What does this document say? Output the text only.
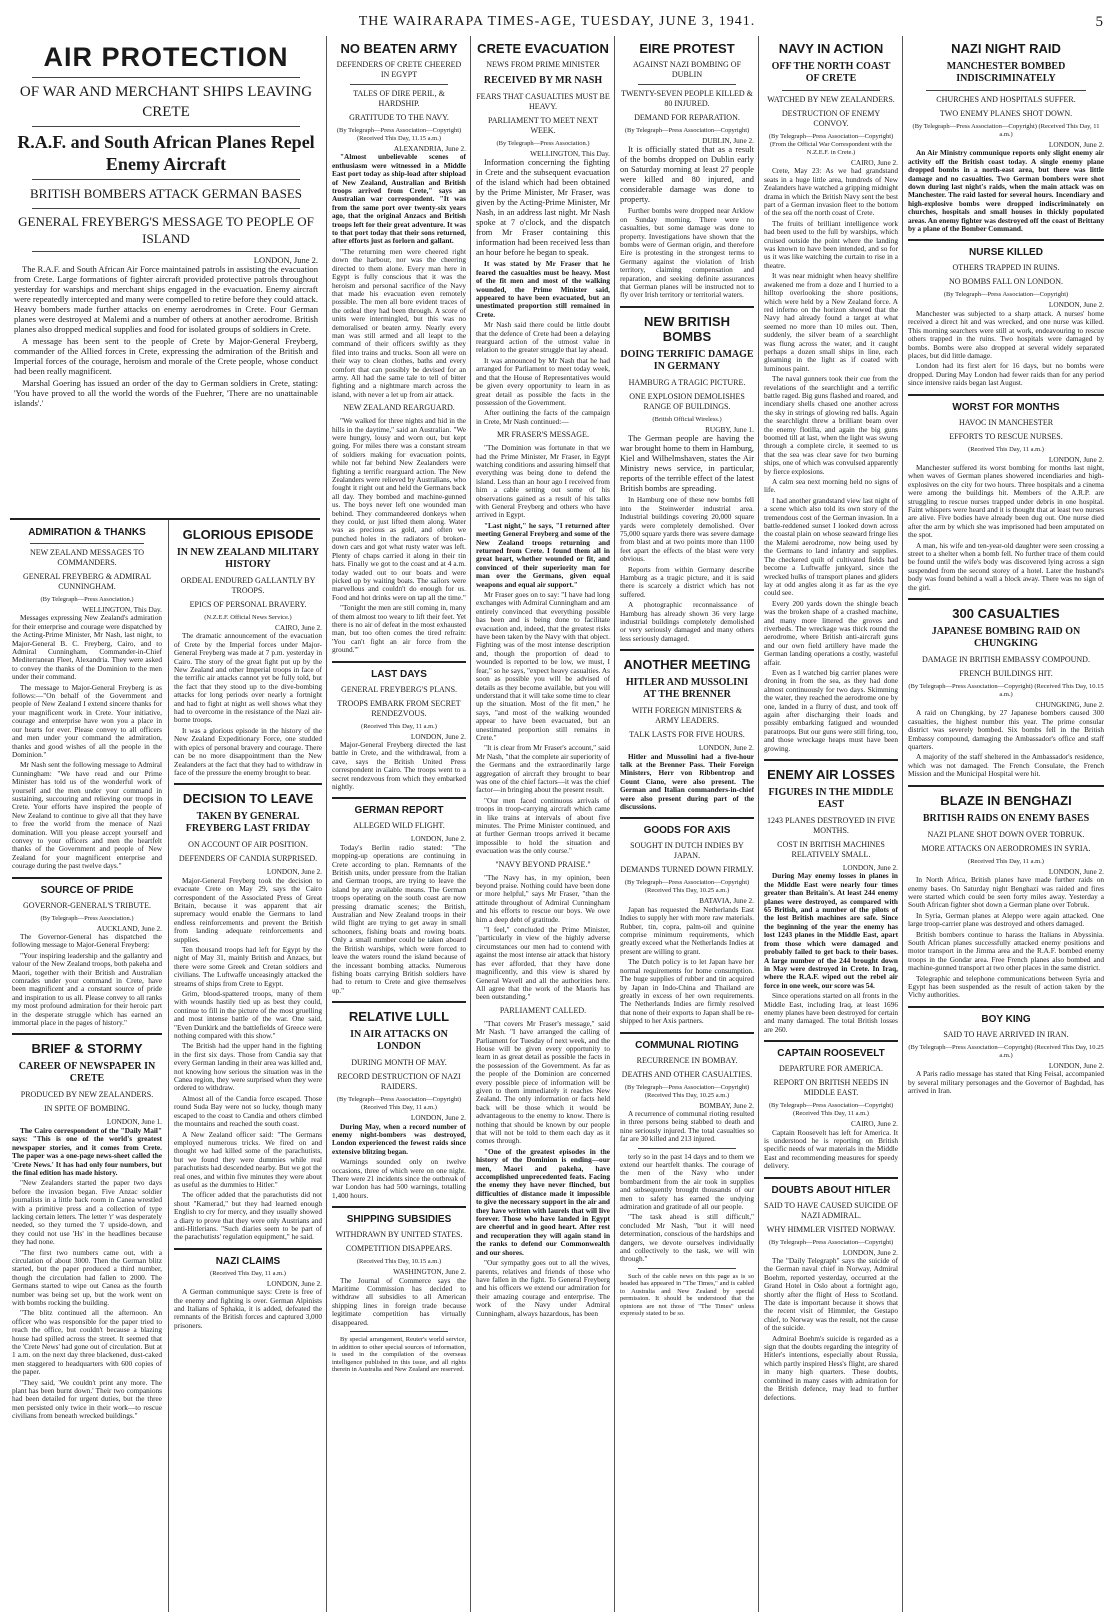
THE WAIRARAPA TIMES-AGE, TUESDAY, JUNE 3, 1941.	5
AIR PROTECTION
OF WAR AND MERCHANT SHIPS LEAVING CRETE
R.A.F. and South African Planes Repel Enemy Aircraft
BRITISH BOMBERS ATTACK GERMAN BASES
GENERAL FREYBERG'S MESSAGE TO PEOPLE OF ISLAND
LONDON, June 2.

The R.A.F. and South African Air Force maintained patrols in assisting the evacuation from Crete. Large formations of fighter aircraft provided protective patrols throughout yesterday for warships and merchant ships engaged in the evacuation. Enemy aircraft were repeatedly intercepted and many were compelled to retire before they could attack. Heavy bombers made further attacks on enemy aerodromes in Crete. Four German planes were destroyed at Malemi and a number of others at another aerodrome. British planes also dropped medical supplies and food for isolated groups of soldiers in Crete.

A message has been sent to the people of Crete by Major-General Freyberg, commander of the Allied forces in Crete, expressing the admiration of the British and Imperial forces of the courage, heroism and morale of the Crete people, whose conduct had been really magnificent.

Marshal Goering has issued an order of the day to German soldiers in Crete, stating: 'You have proved to all the world the words of the Fuehrer, 'There are no unattainable islands'.'

ADMIRATION & THANKS
NEW ZEALAND MESSAGES TO COMMANDERS.
GENERAL FREYBERG & ADMIRAL CUNNINGHAM.
(By Telegraph—Press Association.)
WELLINGTON, This Day.

Messages expressing New Zealand's admiration for their enterprise and courage were dispatched by the Acting-Prime Minister, Mr Nash, last night, to Major-General B. C. Freyberg, Cairo, and to Admiral Cunningham, Commander-in-Chief Mediterranean Fleet, Alexandria. They were asked to convey the thanks of the Dominion to the men under their command.

The message to Major-General Freyberg is as follows:—"On behalf of the Government and people of New Zealand I extend sincere thanks for your magnificent work in Crete. Your initiative, courage and enterprise have won you a place in our hearts for ever. Please convey to all officers and men under your command the admiration, thanks and good wishes of all the people in the Dominion."

Mr Nash sent the following message to Admiral Cunningham: "We have read and our Prime Minister has told us of the wonderful work of yourself and the men under your command in sustaining, succouring and relieving our troops in Crete. Your efforts have inspired the people of New Zealand to continue to give all that they have to free the world from the menace of Nazi domination. Will you please accept yourself and convey to your officers and men the heartfelt thanks of the Government and people of New Zealand for your magnificent enterprise and courage during the past twelve days."

SOURCE OF PRIDE
GOVERNOR-GENERAL'S TRIBUTE.
(By Telegraph—Press Association.)
AUCKLAND, June 2.

The Governor-General has dispatched the following message to Major-General Freyberg:

"Your inspiring leadership and the gallantry and valour of the New Zealand troops, both pakeha and Maori, together with their British and Australian comrades under your command in Crete, have been magnificent and a constant source of pride and inspiration to us all. Please convey to all ranks my most profound admiration for their heroic part in the desperate struggle which has earned an immortal place in the pages of history."

BRIEF & STORMY
CAREER OF NEWSPAPER IN CRETE
PRODUCED BY NEW ZEALANDERS.
IN SPITE OF BOMBING.
LONDON, June 1.

The Cairo correspondent of the "Daily Mail" says: "This is one of the world's greatest newspaper stories, and it comes from Crete. The paper was a one-page news-sheet called the 'Crete News.' It has had only four numbers, but the final edition has made history.

"New Zealanders started the paper two days before the invasion began. Five Anzac soldier journalists in a little back room in Canea wrestled with a primitive press and a collection of type lacking certain letters. The letter 'r' was desperately needed, so they turned the 'i' upside-down, and they could not use 'Hs' in the headlines because they had none.

"The first two numbers came out, with a circulation of about 3000. Then the German blitz started, but the paper produced a third number, though the circulation had fallen to 2000. The Germans started to wipe out Canea as the fourth number was being set up, but the work went on with bombs rocking the building.

"The blitz continued all the afternoon. An officer who was responsible for the paper tried to reach the office, but couldn't because a blazing house had spilled across the street. It seemed that the 'Crete News' had gone out of circulation. But at 1 a.m. on the next day three blackened, dust-caked men staggered to headquarters with 600 copies of the paper.

"They said, 'We couldn't print any more. The plant has been burnt down.' Their two companions had been detailed for urgent duties, but the three men persisted only twice in their work—to rescue civilians from beneath wrecked buildings."

GLORIOUS EPISODE
IN NEW ZEALAND MILITARY HISTORY
ORDEAL ENDURED GALLANTLY BY TROOPS.
EPICS OF PERSONAL BRAVERY.
(N.Z.E.F. Official News Service.)
CAIRO, June 2.

The dramatic announcement of the evacuation of Crete by the Imperial forces under Major-General Freyberg was made at 7 p.m. yesterday in Cairo. The story of the great fight put up by the New Zealand and other Imperial troops in face of the terrific air attacks cannot yet be fully told, but the fact that they stood up to the dive-bombing attacks for long periods over nearly a fortnight and had to fight at night as well shows what they had to overcome in the resistance of the Nazi air-borne troops.

It was a glorious episode in the history of the New Zealand Expeditionary Force, one studded with epics of personal bravery and courage. There can be no more disappointment than the New Zealanders at the fact that they had to withdraw in face of the pressure the enemy brought to bear.

DECISION TO LEAVE
TAKEN BY GENERAL FREYBERG LAST FRIDAY
ON ACCOUNT OF AIR POSITION.
DEFENDERS OF CANDIA SURPRISED.
LONDON, June 2.

Major-General Freyberg took the decision to evacuate Crete on May 29, says the Cairo correspondent of the Associated Press of Great Britain, because it was apparent that air supremacy would enable the Germans to land endless reinforcements and prevent the British from landing adequate reinforcements and supplies.

Ten thousand troops had left for Egypt by the night of May 31, mainly British and Anzacs, but there were some Greek and Cretan soldiers and civilians. The Luftwaffe unceasingly attacked the streams of ships from Crete to Egypt.

Grim, blood-spattered troops, many of them with wounds hastily tied up as best they could, continue to fill in the picture of the most gruelling and most intense battle of the war. One said, "Even Dunkirk and the battlefields of Greece were nothing compared with this show."

The British had the upper hand in the fighting in the first six days. Those from Candia say that every German landing in their area was killed and, not knowing how serious the situation was in the Canea region, they were surprised when they were ordered to withdraw.

Almost all of the Candia force escaped. Those round Suda Bay were not so lucky, though many escaped to the coast to Candia and others climbed the mountains and reached the south coast.

A New Zealand officer said: "The Germans employed numerous tricks. We fired on and thought we had killed some of the parachutists, but we found they were dummies while real parachutists had descended nearby. But we got the real ones, and within five minutes they were about as useful as the dummies to Hitler."

The officer added that the parachutists did not shout "Kamerad," but they had learned enough English to cry for mercy, and they usually showed a diary to prove that they were only Austrians and anti-Hitlerians. "Such diaries seem to be part of the parachutists' regulation equipment," he said.

NAZI CLAIMS
(Received This Day, 11 a.m.)
LONDON, June 2.

A German communique says: Crete is free of the enemy and fighting is over. German Alpinists and Italians of Sphakia, it is added, defeated the remnants of the British forces and captured 3,000 prisoners.

NO BEATEN ARMY
DEFENDERS OF CRETE CHEERED IN EGYPT
TALES OF DIRE PERIL, & HARDSHIP.
GRATITUDE TO THE NAVY.
(By Telegraph—Press Association—Copyright) (Received This Day, 11.15 a.m.)
ALEXANDRIA, June 2.

"Almost unbelievable scenes of enthusiasm were witnessed in a Middle East port today as ship-load after shipload of New Zealand, Australian and British troops arrived from Crete," says an Australian war correspondent. "It was from the same port over twenty-six years ago, that the original Anzacs and British troops left for their great adventure. It was to that port today that their sons returned, after efforts just as forlorn and gallant.

"The returning men were cheered right down the harbour, nor was the cheering directed to them alone. Every man here in Egypt is fully conscious that it was the heroism and personal sacrifice of the Navy that made his evacuation even remotely possible. The men all bore evident traces of the ordeal they had been through. A score of units were intermingled, but this was no demoralised or beaten army. Nearly every man was still armed and all leapt to the command of their officers swiftly as they filed into trains and trucks. Soon all were on their way to clean clothes, baths and every comfort that can possibly be devised for an army. All had the same tale to tell of bitter fighting and a nightmare march across the island, with never a let up from air attack.

NEW ZEALAND REARGUARD.

"We walked for three nights and hid in the hills in the daytime," said an Australian. "We were hungry, lousy and worn out, but kept going. For miles there was a constant stream of soldiers making for evacuation points, while not far behind New Zealanders were fighting a terrific rearguard action. The New Zealanders were relieved by Australians, who fought it right out and held the Germans back all day. They bombed and machine-gunned us. The boys never left one wounded man behind. They commandeered donkeys when they could, or just lifted them along. Water was as precious as gold, and often we punched holes in the radiators of broken-down cars and got what rusty water was left. Plenty of chaps carried it along in their tin hats. Finally we got to the coast and at 4 a.m. today waded out to our boats and were picked up by waiting boats. The sailors were marvellous and couldn't do enough for us. Food and hot drinks were on tap all the time."

"Tonight the men are still coming in, many of them almost too weary to lift their feet. Yet there is no air of defeat in the most exhausted man, but too often comes the tired refrain: 'You can't fight an air force from the ground.'"

LAST DAYS
GENERAL FREYBERG'S PLANS.
TROOPS EMBARK FROM SECRET RENDEZVOUS.
(Received This Day, 11 a.m.)
LONDON, June 2.

Major-General Freyberg directed the last battle in Crete, and the withdrawal, from a cave, says the British United Press correspondent in Cairo. The troops went to a secret rendezvous from which they embarked nightly.

GERMAN REPORT
ALLEGED WILD FLIGHT.
LONDON, June 2.

Today's Berlin radio stated: "The mopping-up operations are continuing in Crete according to plan. Remnants of the British units, under pressure from the Italian and German troops, are trying to leave the island by any available means. The German troops operating on the south coast are now pressing dramatic scenes; the British, Australian and New Zealand troops in their wild flight are trying to get away in small schooners, fishing boats and rowing boats. Only a small number could be taken aboard the British warships, which were forced to leave the waters round the island because of the incessant bombing attacks. Numerous fishing boats carrying British soldiers have had to return to Crete and give themselves up."

RELATIVE LULL
IN AIR ATTACKS ON LONDON
DURING MONTH OF MAY.
RECORD DESTRUCTION OF NAZI RAIDERS.
(By Telegraph—Press Association—Copyright) (Received This Day, 11 a.m.)
LONDON, June 2.

During May, when a record number of enemy night-bombers was destroyed, London experienced the fewest raids since extensive blitzing began.

Warnings sounded only on twelve occasions, three of which were on one night. There were 21 incidents since the outbreak of war London has had 500 warnings, totalling 1,400 hours.

SHIPPING SUBSIDIES
WITHDRAWN BY UNITED STATES.
COMPETITION DISAPPEARS.
(Received This Day, 10.15 a.m.)
WASHINGTON, June 2.

The Journal of Commerce says the Maritime Commission has decided to withdraw all subsidies to all American shipping lines in foreign trade because legitimate competition has virtually disappeared.

By special arrangement, Reuter's world service, in addition to other special sources of information, is used in the compilation of the overseas intelligence published in this issue, and all rights therein in Australia and New Zealand are reserved.

CRETE EVACUATION
NEWS FROM PRIME MINISTER
RECEIVED BY MR NASH
FEARS THAT CASUALTIES MUST BE HEAVY.
PARLIAMENT TO MEET NEXT WEEK.
(By Telegraph—Press Association.)
WELLINGTON, This Day.

Information concerning the fighting in Crete and the subsequent evacuation of the island which had been obtained by the Prime Minister, Mr Fraser, was given by the Acting-Prime Minister, Mr Nash, in an address last night. Mr Nash spoke at 7 o'clock, and the dispatch from Mr Fraser containing this information had been received less than an hour before he began to speak.

It was stated by Mr Fraser that he feared the casualties must be heavy. Most of the fit men and most of the walking wounded, the Prime Minister said, appeared to have been evacuated, but an unestimated proportion still remained in Crete.

Mr Nash said there could be little doubt that the defence of Crete had been a delaying rearguard action of the utmost value in relation to the greater struggle that lay ahead.

It was announced by Mr Nash that he had arranged for Parliament to meet today week, and that the House of Representatives would be given every opportunity to learn in as great detail as possible the facts in the possession of the Government.

After outlining the facts of the campaign in Crete, Mr Nash continued:—

MR FRASER'S MESSAGE.

"The Dominion was fortunate in that we had the Prime Minister, Mr Fraser, in Egypt watching conditions and assuring himself that everything was being done to defend the island. Less than an hour ago I received from him a cable setting out some of his observations gained as a result of his talks with General Freyberg and others who have arrived in Egypt.

"Last night," he says, "I returned after meeting General Freyberg and some of the New Zealand troops returning and returned from Crete. I found them all in great heart, whether wounded or fit, and convinced of their superiority man for man over the Germans, given equal weapons and equal air support."

Mr Fraser goes on to say: "I have had long exchanges with Admiral Cunningham and am entirely convinced that everything possible has been and is being done to facilitate evacuation and, indeed, that the greatest risks have been taken by the Navy with that object. Fighting was of the most intense description and, though the proportion of dead to wounded is reported to be low, we must, I fear," so he says, "expect heavy casualties. As soon as possible you will be advised of details as they become available, but you will understand that it will take some time to clear up the situation. Most of the fit men," he says, "and most of the walking wounded appear to have been evacuated, but an unestimated proportion still remains in Crete."

"It is clear from Mr Fraser's account," said Mr Nash, "that the complete air superiority of the Germans and the extraordinarily large aggregation of aircraft they brought to bear was one of the chief factors—it was the chief factor—in bringing about the present result.

"Our men faced continuous arrivals of troops in troop-carrying aircraft which came in like trains at intervals of about five minutes. The Prime Minister continued, and at further German troops arrived it became impossible to hold the situation and evacuation was the only course."

"NAVY BEYOND PRAISE."

"The Navy has, in my opinion, been beyond praise. Nothing could have been done or more helpful," says Mr Fraser, "than the attitude throughout of Admiral Cunningham and his efforts to rescue our boys. We owe him a deep debt of gratitude.

"I feel," concluded the Prime Minister, "particularly in view of the highly adverse circumstances our men had to contend with against the most intense air attack that history has ever afforded, that they have done magnificently, and this view is shared by General Wavell and all the authorities here. All agree that the work of the Maoris has been outstanding."

PARLIAMENT CALLED.

"That covers Mr Fraser's message," said Mr Nash. "I have arranged the calling of Parliament for Tuesday of next week, and the House will be given every opportunity to learn in as great detail as possible the facts in the possession of the Government. As far as the people of the Dominion are concerned every possible piece of information will be given to them immediately it reaches New Zealand. The only information or facts held back will be those which it would be advantageous to the enemy to know. There is nothing that should be known by our people that will not be told to them each day as it comes through.

"One of the greatest episodes in the history of the Dominion is ending—our men, Maori and pakeha, have accomplished unprecedented feats. Facing the enemy they have never flinched, but difficulties of distance made it impossible to give the necessary support in the air and they have written with laurels that will live forever. Those who have landed in Egypt are cheerful and in good heart. After rest and recuperation they will again stand in the ranks to defend our Commonwealth and our shores.

"Our sympathy goes out to all the wives, parents, relatives and friends of those who have fallen in the fight. To General Freyberg and his officers we extend our admiration for their amazing courage and enterprise. The work of the Navy under Admiral Cunningham, always hazardous, has been

EIRE PROTEST
AGAINST NAZI BOMBING OF DUBLIN
TWENTY-SEVEN PEOPLE KILLED & 80 INJURED.
DEMAND FOR REPARATION.
(By Telegraph—Press Association—Copyright)
DUBLIN, June 2.

It is officially stated that as a result of the bombs dropped on Dublin early on Saturday morning at least 27 people were killed and 80 injured, and considerable damage was done to property.

Further bombs were dropped near Arklow on Sunday morning. There were no casualties, but some damage was done to property. Investigations have shown that the bombs were of German origin, and therefore Eire is protesting in the strongest terms to Germany against the violation of Irish territory, claiming compensation and reparation, and seeking definite assurances that German planes will be instructed not to fly over Irish territory or territorial waters.

NEW BRITISH BOMBS
DOING TERRIFIC DAMAGE IN GERMANY
HAMBURG A TRAGIC PICTURE.
ONE EXPLOSION DEMOLISHES RANGE OF BUILDINGS.
(British Official Wireless.)
RUGBY, June 1.

The German people are having the war brought home to them in Hamburg, Kiel and Wilhelmshaven, states the Air Ministry news service, in particular, reports of the terrible effect of the latest British bombs are spreading.

In Hamburg one of these new bombs fell into the Steinwerder industrial area. Industrial buildings covering 20,000 square yards were completely demolished. Over 75,000 square yards there was severe damage from blast and at two points more than 1100 feet apart the effects of the blast were very obvious.

Reports from within Germany describe Hamburg as a tragic picture, and it is said there is scarcely a district which has not suffered.

A photographic reconnaissance of Hamburg has already shown 36 very large industrial buildings completely demolished or very seriously damaged and many others less seriously damaged.

ANOTHER MEETING
HITLER AND MUSSOLINI AT THE BRENNER
WITH FOREIGN MINISTERS & ARMY LEADERS.
TALK LASTS FOR FIVE HOURS.
LONDON, June 2.

Hitler and Mussolini had a five-hour talk at the Brenner Pass. Their Foreign Ministers, Herr von Ribbentrop and Count Ciano, were also present. The German and Italian commanders-in-chief were also present during part of the discussions.

GOODS FOR AXIS
SOUGHT IN DUTCH INDIES BY JAPAN.
DEMANDS TURNED DOWN FIRMLY.
(By Telegraph—Press Association—Copyright) (Received This Day, 10.25 a.m.)
BATAVIA, June 2.

Japan has requested the Netherlands East Indies to supply her with more raw materials. Rubber, tin, copra, palm-oil and quinine comprise minimum requirements, which greatly exceed what the Netherlands Indies at present are willing to grant.

The Dutch policy is to let Japan have her normal requirements for home consumption. The huge supplies of rubber and tin acquired by Japan in Indo-China and Thailand are greatly in excess of her own requirements. The Netherlands Indies are firmly resolved that none of their exports to Japan shall be re-shipped to her Axis partners.

COMMUNAL RIOTING
RECURRENCE IN BOMBAY.
DEATHS AND OTHER CASUALTIES.
(By Telegraph—Press Association—Copyright) (Received This Day, 10.25 a.m.)
BOMBAY, June 2.

A recurrence of communal rioting resulted in three persons being stabbed to death and nine seriously injured. The total casualties so far are 30 killed and 213 injured.

terly so in the past 14 days and to them we extend our heartfelt thanks. The courage of the men of the Navy who under bombardment from the air took in supplies and subsequently brought thousands of our men to safety has earned the undying admiration and gratitude of all our people.

"The task ahead is still difficult," concluded Mr Nash, "but it will need determination, conscious of the hardships and dangers, we devote ourselves individually and collectively to the task, we will win through."

Such of the cable news on this page as is so headed has appeared in "The Times," and is cabled to Australia and New Zealand by special permission. It should be understood that the opinions are not those of "The Times" unless expressly stated to be so.

NAVY IN ACTION
OFF THE NORTH COAST OF CRETE
WATCHED BY NEW ZEALANDERS.
DESTRUCTION OF ENEMY CONVOY.
(By Telegraph—Press Association—Copyright) (From the Official War Correspondent with the N.Z.E.F. in Crete.)
CAIRO, June 2.

Crete, May 23: As we had grandstand seats in a huge little area, hundreds of New Zealanders have watched a gripping midnight drama in which the British Navy sent the best part of a German invasion fleet to the bottom of the sea off the north coast of Crete.

The fruits of brilliant intelligence work had been used to the full by warships, which cruised outside the point where the landing was known to have been intended, and so for us it was like watching the curtain to rise in a theatre.

It was near midnight when heavy shellfire awakened me from a doze and I hurried to a hilltop overlooking the shore positions, which were held by a New Zealand force. A red inferno on the horizon showed that the Navy had already found a target at what seemed no more than 10 miles out. Then, suddenly, the silver beam of a searchlight was flung across the water, and it caught perhaps a dozen small ships in line, each gleaming in the light as if coated with luminous paint.

The naval gunners took their cue from the revelations of the searchlight and a terrific battle raged. Big guns flashed and roared, and incendiary shells chased one another across the sky in strings of glowing red balls. Again the searchlight threw a brilliant beam over the enemy flotilla, and again the big guns boomed till at last, when the light was swung through a complete circle, it seemed to us that the sea was clear save for two burning ships, one of which was convulsed apparently by fierce explosions.

A calm sea next morning held no signs of life.

I had another grandstand view last night of a scene which also told its own story of the tremendous cost of the German invasion. In a battle-reddened sunset I looked down across the coastal plain on whose seaward fringe lies the Malemi aerodrome, now being used by the Germans to land infantry and supplies. The checkered quilt of cultivated fields had become a Luftwaffe junkyard, since the wrecked hulks of transport planes and gliders lay at odd angles along it as far as the eye could see.

Every 200 yards down the shingle beach was the broken shape of a crashed machine, and many more littered the groves and riverbeds. The wreckage was thick round the aerodrome, where British anti-aircraft guns and our own field artillery have made the German landing operations a costly, wasteful affair.

Even as I watched big carrier planes were droning in from the sea, as they had done almost continuously for two days. Skimming the water, they reached the aerodrome one by one, landed in a flurry of dust, and took off again after discharging their loads and possibly embarking fatigued and wounded paratroops. But our guns were still firing, too, and those wreckage heaps must have been growing.

ENEMY AIR LOSSES
FIGURES IN THE MIDDLE EAST
1243 PLANES DESTROYED IN FIVE MONTHS.
COST IN BRITISH MACHINES RELATIVELY SMALL.
LONDON, June 2.

During May enemy losses in planes in the Middle East were nearly four times greater than Britain's. At least 244 enemy planes were destroyed, as compared with 65 British, and a number of the pilots of the lost British machines are safe. Since the beginning of the year the enemy has lost 1243 planes in the Middle East, apart from those which were damaged and probably failed to get back to their bases. A large number of the 244 brought down in May were destroyed in Crete. In Iraq, where the R.A.F. wiped out the rebel air force in one week, our score was 54.

Since operations started on all fronts in the Middle East, including Iraq, at least 1696 enemy planes have been destroyed for certain and many damaged. The total British losses are 260.

CAPTAIN ROOSEVELT
DEPARTURE FOR AMERICA.
REPORT ON BRITISH NEEDS IN MIDDLE EAST.
(By Telegraph—Press Association—Copyright) (Received This Day, 11 a.m.)
CAIRO, June 2.

Captain Roosevelt has left for America. It is understood he is reporting on British specific needs of war materials in the Middle East and recommending measures for speedy delivery.

DOUBTS ABOUT HITLER
SAID TO HAVE CAUSED SUICIDE OF NAZI ADMIRAL.
WHY HIMMLER VISITED NORWAY.
(By Telegraph—Press Association—Copyright)
LONDON, June 2.

The "Daily Telegraph" says the suicide of the German naval chief in Norway, Admiral Boehm, reported yesterday, occurred at the Grand Hotel in Oslo about a fortnight ago, shortly after the flight of Hess to Scotland. The date is important because it shows that the recent visit of Himmler, the Gestapo chief, to Norway was the result, not the cause of the suicide.

Admiral Boehm's suicide is regarded as a sign that the doubts regarding the integrity of Hitler's intentions, especially about Russia, which partly inspired Hess's flight, are shared in many high quarters. These doubts, combined in many cases with admiration for the British defence, may lead to further defections.

NAZI NIGHT RAID
MANCHESTER BOMBED INDISCRIMINATELY
CHURCHES AND HOSPITALS SUFFER.
TWO ENEMY PLANES SHOT DOWN.
(By Telegraph—Press Association—Copyright) (Received This Day, 11 a.m.)
LONDON, June 2.

An Air Ministry communique reports only slight enemy air activity off the British coast today. A single enemy plane dropped bombs in a north-east area, but there was little damage and no casualties. Two German bombers were shot down during last night's raids, when the main attack was on Manchester. The raid lasted for several hours. Incendiary and high-explosive bombs were dropped indiscriminately on churches, hospitals and small houses in thickly populated areas. An enemy fighter was destroyed off the coast of Brittany by a plane of the Bomber Command.

NURSE KILLED
OTHERS TRAPPED IN RUINS.
NO BOMBS FALL ON LONDON.
(By Telegraph—Press Association—Copyright)
LONDON, June 2.

Manchester was subjected to a sharp attack. A nurses' home received a direct hit and was wrecked, and one nurse was killed. This morning searchers were still at work, endeavouring to rescue others trapped in the ruins. Two hospitals were damaged by bombs. Bombs were also dropped at several widely separated places, but did little damage.

London had its first alert for 16 days, but no bombs were dropped. During May London had fewer raids than for any period since intensive raids began last August.

WORST FOR MONTHS
HAVOC IN MANCHESTER
EFFORTS TO RESCUE NURSES.
(Received This Day, 11 a.m.)
LONDON, June 2.

Manchester suffered its worst bombing for months last night, when waves of German planes showered incendiaries and high-explosives on the city for two hours. Three hospitals and a cinema were among the buildings hit. Members of the A.R.P. are struggling to rescue nurses trapped under debris in one hospital. Faint whispers were heard and it is thought that at least two nurses are alive. Five bodies have already been dug out. One nurse died after the arm by which she was imprisoned had been amputated on the spot.

A man, his wife and ten-year-old daughter were seen crossing a street to a shelter when a bomb fell. No further trace of them could be found until the wife's body was discovered lying across a sign suspended from the second storey of a hotel. Later the husband's body was found behind a wall a block away. There was no sign of the girl.

300 CASUALTIES
JAPANESE BOMBING RAID ON CHUNGKING
DAMAGE IN BRITISH EMBASSY COMPOUND.
FRENCH BUILDINGS HIT.
(By Telegraph—Press Association—Copyright) (Received This Day, 10.15 a.m.)
CHUNGKING, June 2.

A raid on Chungking, by 27 Japanese bombers caused 300 casualties, the highest number this year. The prime consular district was severely bombed. Six bombs fell in the British Embassy compound, damaging the Ambassador's office and staff quarters.

A majority of the staff sheltered in the Ambassador's residence, which was not damaged. The French Consulate, the French Mission and the Municipal Hospital were hit.

BLAZE IN BENGHAZI
BRITISH RAIDS ON ENEMY BASES
NAZI PLANE SHOT DOWN OVER TOBRUK.
MORE ATTACKS ON AERODROMES IN SYRIA.
(Received This Day, 11 a.m.)
LONDON, June 2.

In North Africa, British planes have made further raids on enemy bases. On Saturday night Benghazi was raided and fires were started which could be seen forty miles away. Yesterday a South African fighter shot down a German plane over Tobruk.

In Syria, German planes at Aleppo were again attacked. One large troop-carrier plane was destroyed and others damaged.

British bombers continue to harass the Italians in Abyssinia. South African planes successfully attacked enemy positions and motor transport in the Jimma area and the R.A.F. bombed enemy troops in the Gondar area. Free French planes also bombed and machine-gunned transport at two other places in the same district.

Telegraphic and telephone communications between Syria and Egypt has been suspended as the result of action taken by the Vichy authorities.

BOY KING
SAID TO HAVE ARRIVED IN IRAN.
(By Telegraph—Press Association—Copyright) (Received This Day, 10.25 a.m.)
LONDON, June 2.

A Paris radio message has stated that King Feisal, accompanied by several military personages and the Governor of Baghdad, has arrived in Iran.
